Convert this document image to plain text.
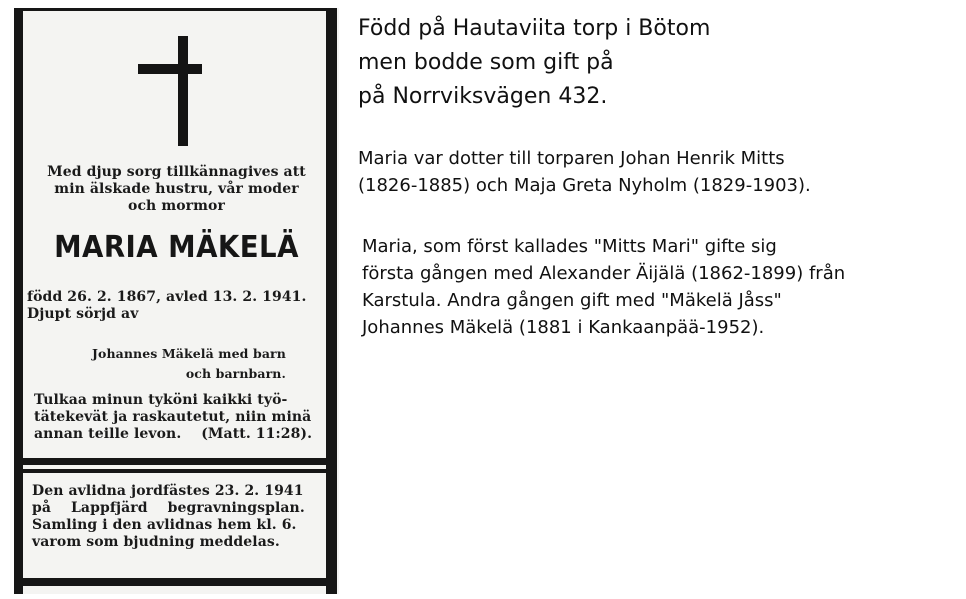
Med djup sorg tillkännagives att
min älskade hustru, vår moder
och mormor

MARIA MÄKELÄ

född 26. 2. 1867, avled 13. 2. 1941.
Djupt sörjd av

Johannes Mäkelä med barn
och barnbarn.

Tulkaa minun tyköni kaikki työ-
tätekevät ja raskautetut, niin minä
annan teille levon.    (Matt. 11:28).

Den avlidna jordfästes 23. 2. 1941
på    Lappfjärd    begravningsplan.
Samling i den avlidnas hem kl. 6.
varom som bjudning meddelas.

Född på Hautaviita torp i Bötom
men bodde som gift på
på Norrviksvägen 432.

Maria var dotter till torparen Johan Henrik Mitts
(1826-1885) och Maja Greta Nyholm (1829-1903).

Maria, som först kallades "Mitts Mari" gifte sig
första gången med Alexander Äijälä (1862-1899) från
Karstula. Andra gången gift med "Mäkelä Jåss"
Johannes Mäkelä (1881 i Kankaanpää-1952).
